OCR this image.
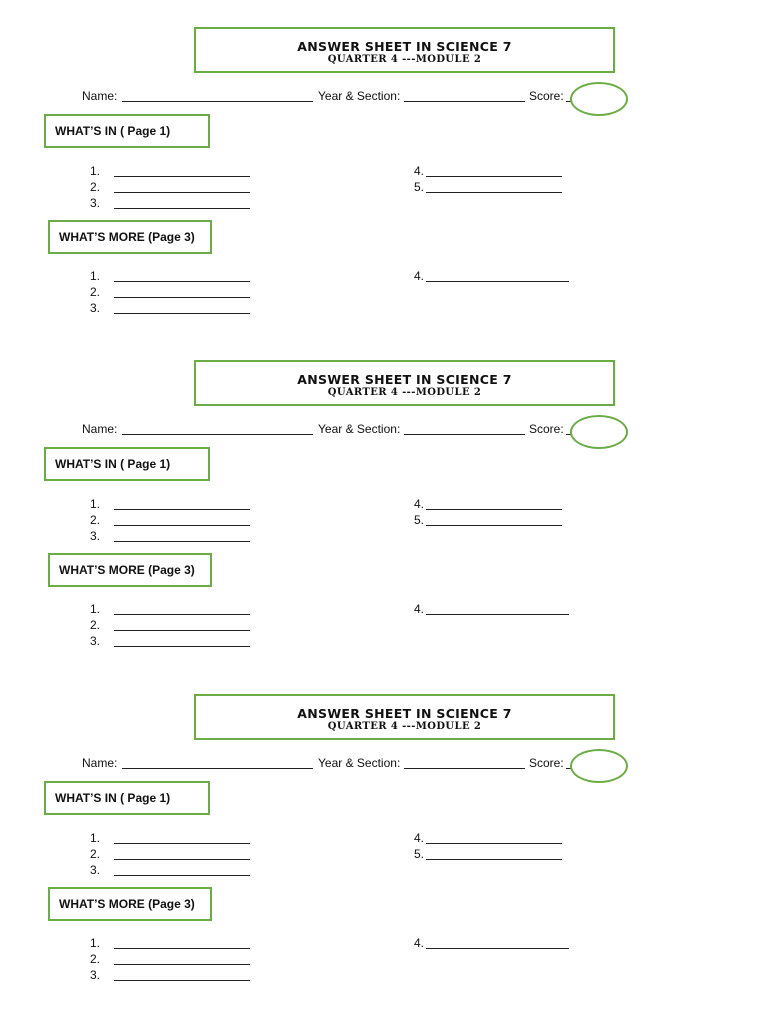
ANSWER SHEET IN SCIENCE 7
QUARTER 4 ---MODULE 2
Name:	Year & Section:	Score:
WHAT’S IN ( Page 1)
1.
2.
3.
4.
5.
WHAT’S MORE (Page 3)
1.
2.
3.
4.
ANSWER SHEET IN SCIENCE 7
QUARTER 4 ---MODULE 2
Name:	Year & Section:	Score:
WHAT’S IN ( Page 1)
1.
2.
3.
4.
5.
WHAT’S MORE (Page 3)
1.
2.
3.
4.
ANSWER SHEET IN SCIENCE 7
QUARTER 4 ---MODULE 2
Name:	Year & Section:	Score:
WHAT’S IN ( Page 1)
1.
2.
3.
4.
5.
WHAT’S MORE (Page 3)
1.
2.
3.
4.
